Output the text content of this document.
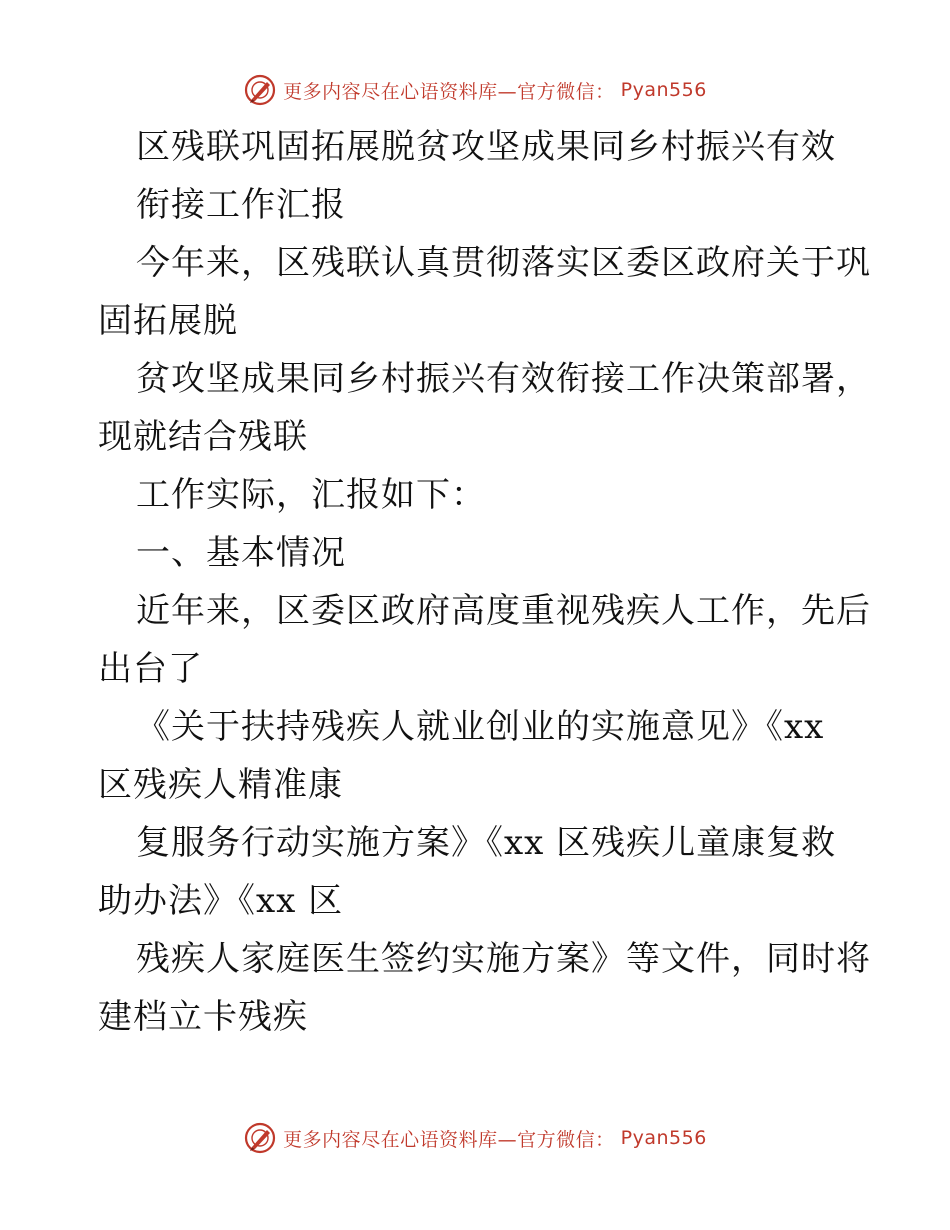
更多内容尽在心语资料库—官方微信： Pyan556
区残联巩固拓展脱贫攻坚成果同乡村振兴有效
衔接工作汇报
今年来，区残联认真贯彻落实区委区政府关于巩
固拓展脱
贫攻坚成果同乡村振兴有效衔接工作决策部署，
现就结合残联
工作实际，汇报如下：
一、基本情况
近年来，区委区政府高度重视残疾人工作，先后
出台了
《关于扶持残疾人就业创业的实施意见》《xx
区残疾人精准康
复服务行动实施方案》《xx 区残疾儿童康复救
助办法》《xx 区
残疾人家庭医生签约实施方案》等文件，同时将
建档立卡残疾
更多内容尽在心语资料库—官方微信： Pyan556
